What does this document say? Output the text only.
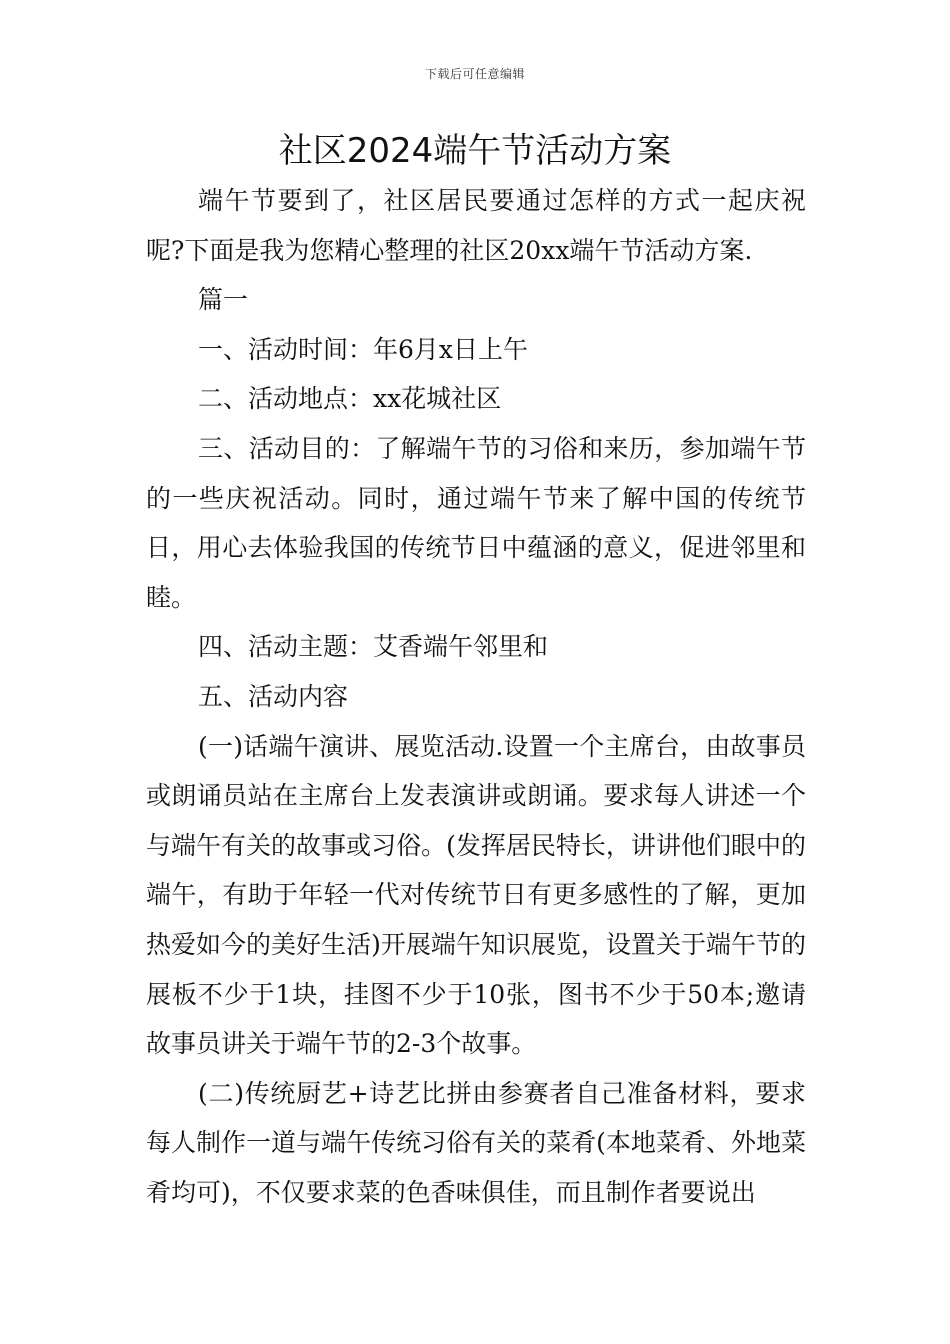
下载后可任意编辑
社区2024端午节活动方案

端午节要到了，社区居民要通过怎样的方式一起庆祝呢?下面是我为您精心整理的社区20xx端午节活动方案.

篇一

一、活动时间：年6月x日上午

二、活动地点：xx花城社区

三、活动目的：了解端午节的习俗和来历，参加端午节的一些庆祝活动。同时，通过端午节来了解中国的传统节日，用心去体验我国的传统节日中蕴涵的意义，促进邻里和睦。

四、活动主题：艾香端午邻里和

五、活动内容

(一)话端午演讲、展览活动.设置一个主席台，由故事员或朗诵员站在主席台上发表演讲或朗诵。要求每人讲述一个与端午有关的故事或习俗。(发挥居民特长，讲讲他们眼中的端午，有助于年轻一代对传统节日有更多感性的了解，更加热爱如今的美好生活)开展端午知识展览，设置关于端午节的展板不少于1块，挂图不少于10张，图书不少于50本;邀请故事员讲关于端午节的2-3个故事。

(二)传统厨艺+诗艺比拼由参赛者自己准备材料，要求每人制作一道与端午传统习俗有关的菜肴(本地菜肴、外地菜肴均可)，不仅要求菜的色香味俱佳，而且制作者要说出
